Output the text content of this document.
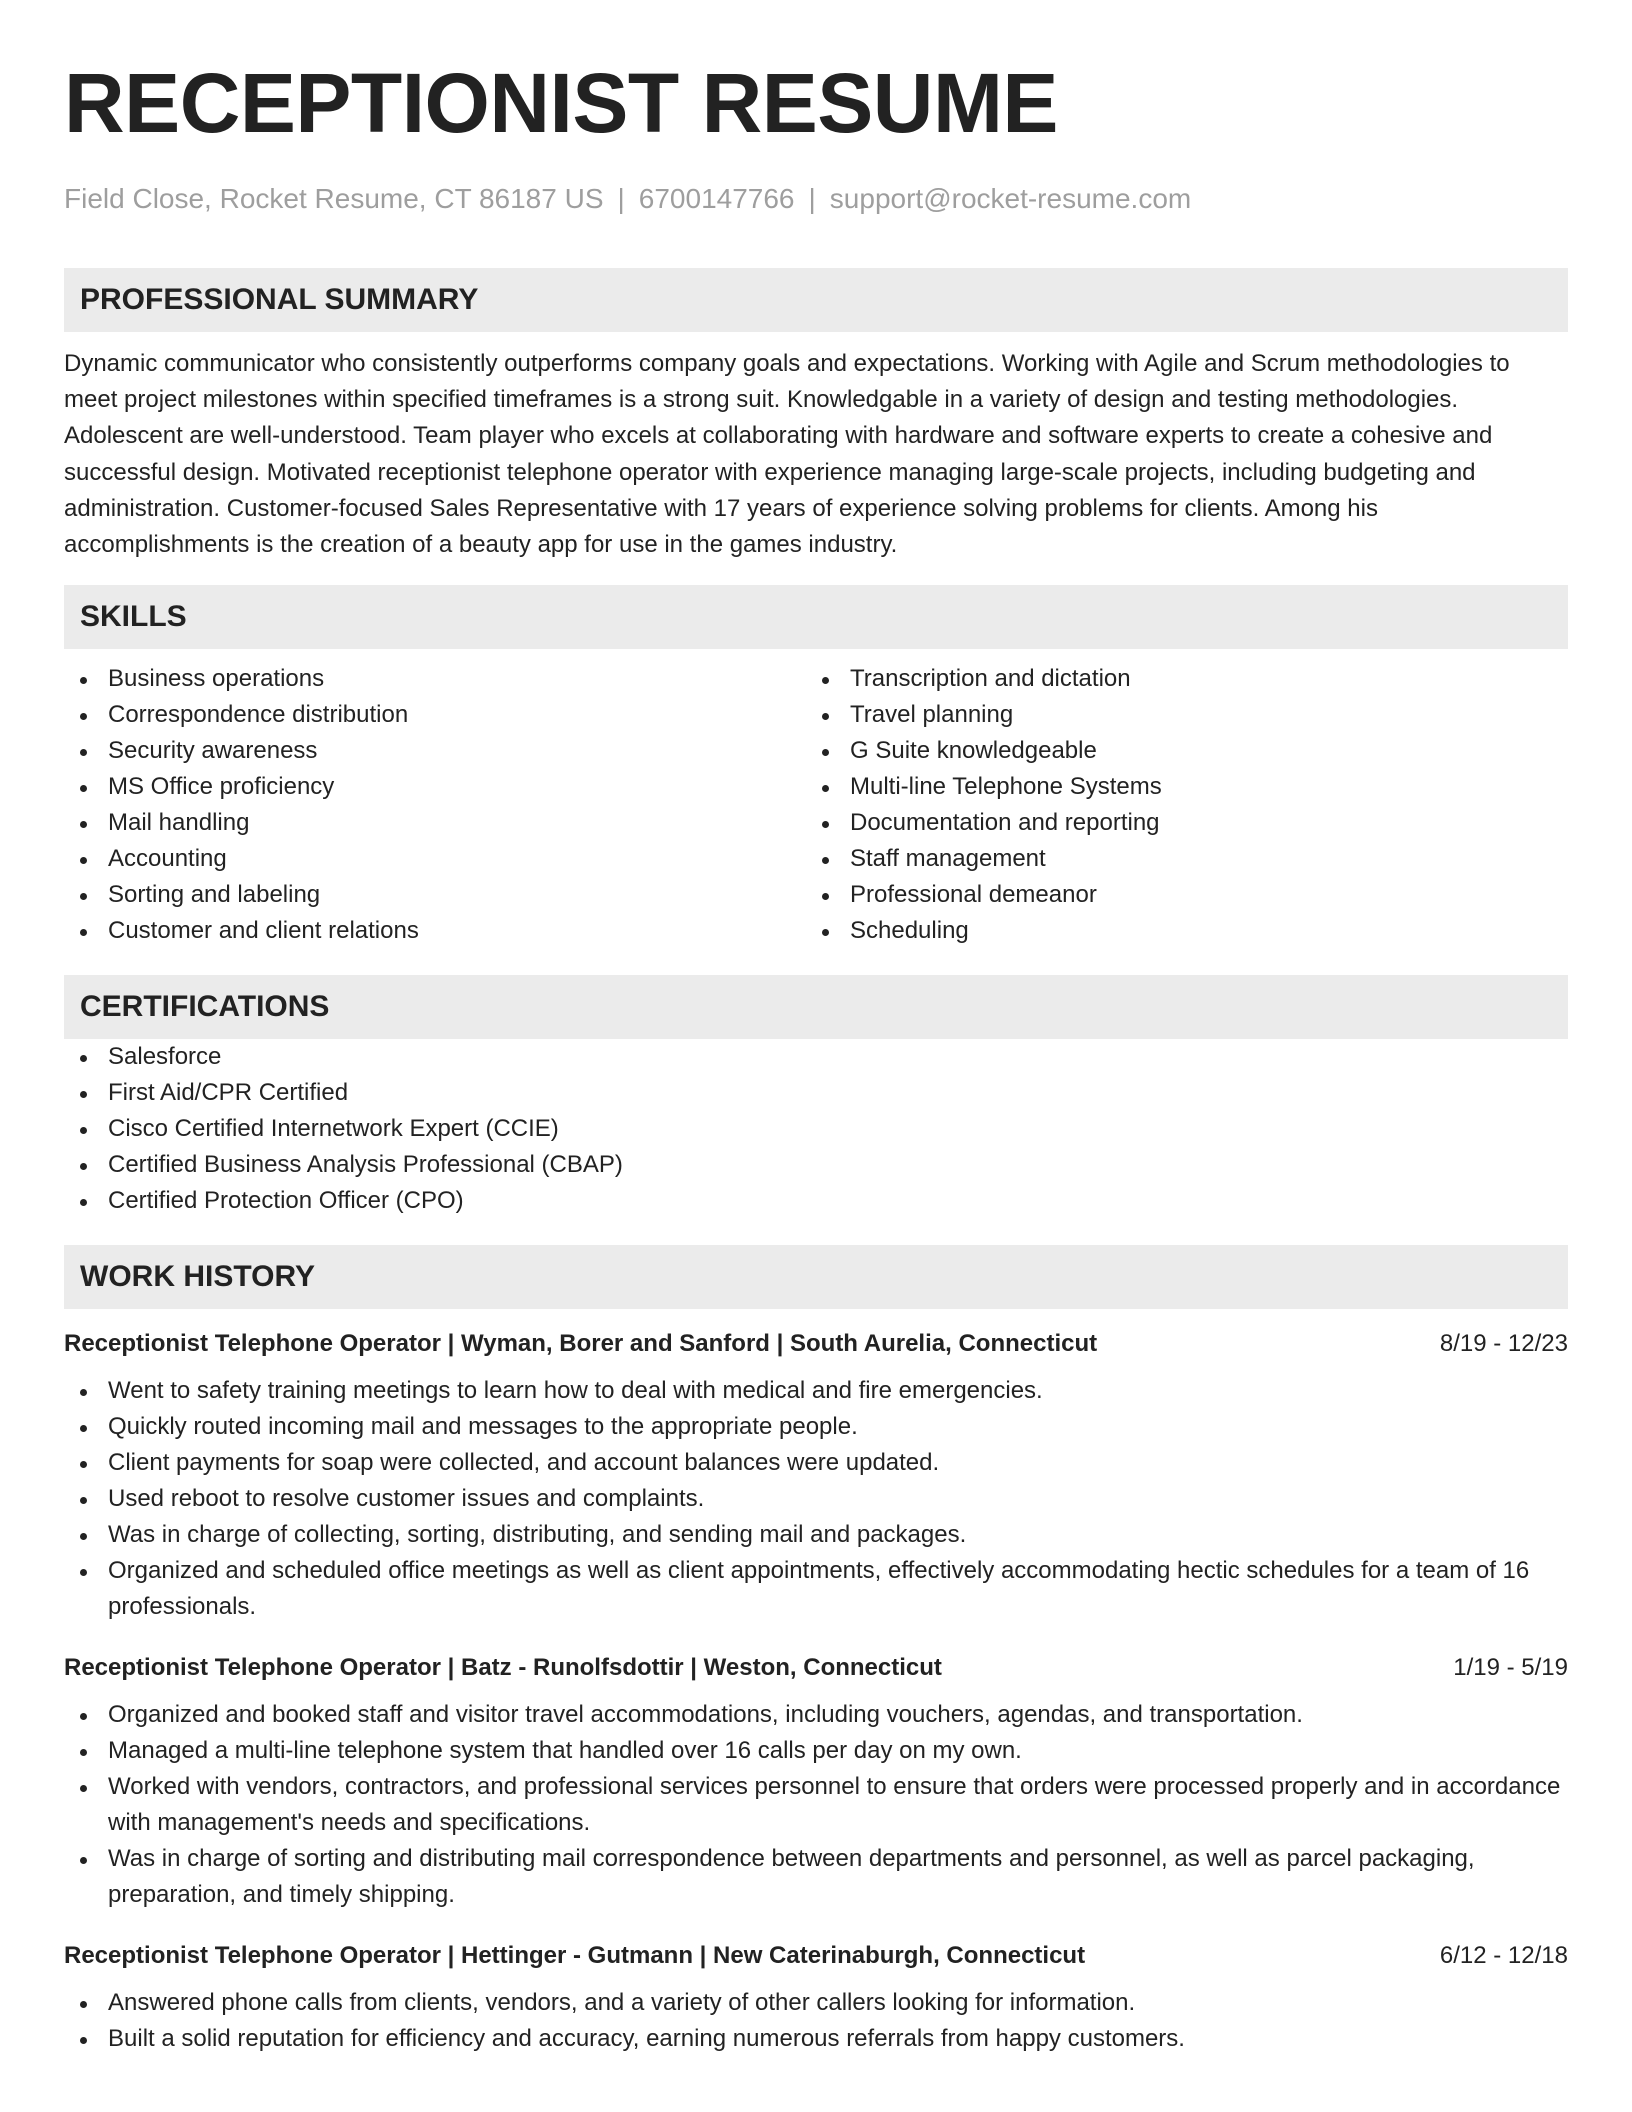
RECEPTIONIST RESUME
Field Close, Rocket Resume, CT 86187 US | 6700147766 | support@rocket-resume.com
PROFESSIONAL SUMMARY

Dynamic communicator who consistently outperforms company goals and expectations. Working with Agile and Scrum methodologies to meet project milestones within specified timeframes is a strong suit. Knowledgable in a variety of design and testing methodologies. Adolescent are well-understood. Team player who excels at collaborating with hardware and software experts to create a cohesive and successful design. Motivated receptionist telephone operator with experience managing large-scale projects, including budgeting and administration. Customer-focused Sales Representative with 17 years of experience solving problems for clients. Among his accomplishments is the creation of a beauty app for use in the games industry.

SKILLS
Business operations
Correspondence distribution
Security awareness
MS Office proficiency
Mail handling
Accounting
Sorting and labeling
Customer and client relations
Transcription and dictation
Travel planning
G Suite knowledgeable
Multi-line Telephone Systems
Documentation and reporting
Staff management
Professional demeanor
Scheduling
CERTIFICATIONS
Salesforce
First Aid/CPR Certified
Cisco Certified Internetwork Expert (CCIE)
Certified Business Analysis Professional (CBAP)
Certified Protection Officer (CPO)
WORK HISTORY
Receptionist Telephone Operator | Wyman, Borer and Sanford | South Aurelia, Connecticut	8/19 - 12/23
Went to safety training meetings to learn how to deal with medical and fire emergencies.
Quickly routed incoming mail and messages to the appropriate people.
Client payments for soap were collected, and account balances were updated.
Used reboot to resolve customer issues and complaints.
Was in charge of collecting, sorting, distributing, and sending mail and packages.
Organized and scheduled office meetings as well as client appointments, effectively accommodating hectic schedules for a team of 16 professionals.
Receptionist Telephone Operator | Batz - Runolfsdottir | Weston, Connecticut	1/19 - 5/19
Organized and booked staff and visitor travel accommodations, including vouchers, agendas, and transportation.
Managed a multi-line telephone system that handled over 16 calls per day on my own.
Worked with vendors, contractors, and professional services personnel to ensure that orders were processed properly and in accordance with management's needs and specifications.
Was in charge of sorting and distributing mail correspondence between departments and personnel, as well as parcel packaging, preparation, and timely shipping.
Receptionist Telephone Operator | Hettinger - Gutmann | New Caterinaburgh, Connecticut	6/12 - 12/18
Answered phone calls from clients, vendors, and a variety of other callers looking for information.
Built a solid reputation for efficiency and accuracy, earning numerous referrals from happy customers.
